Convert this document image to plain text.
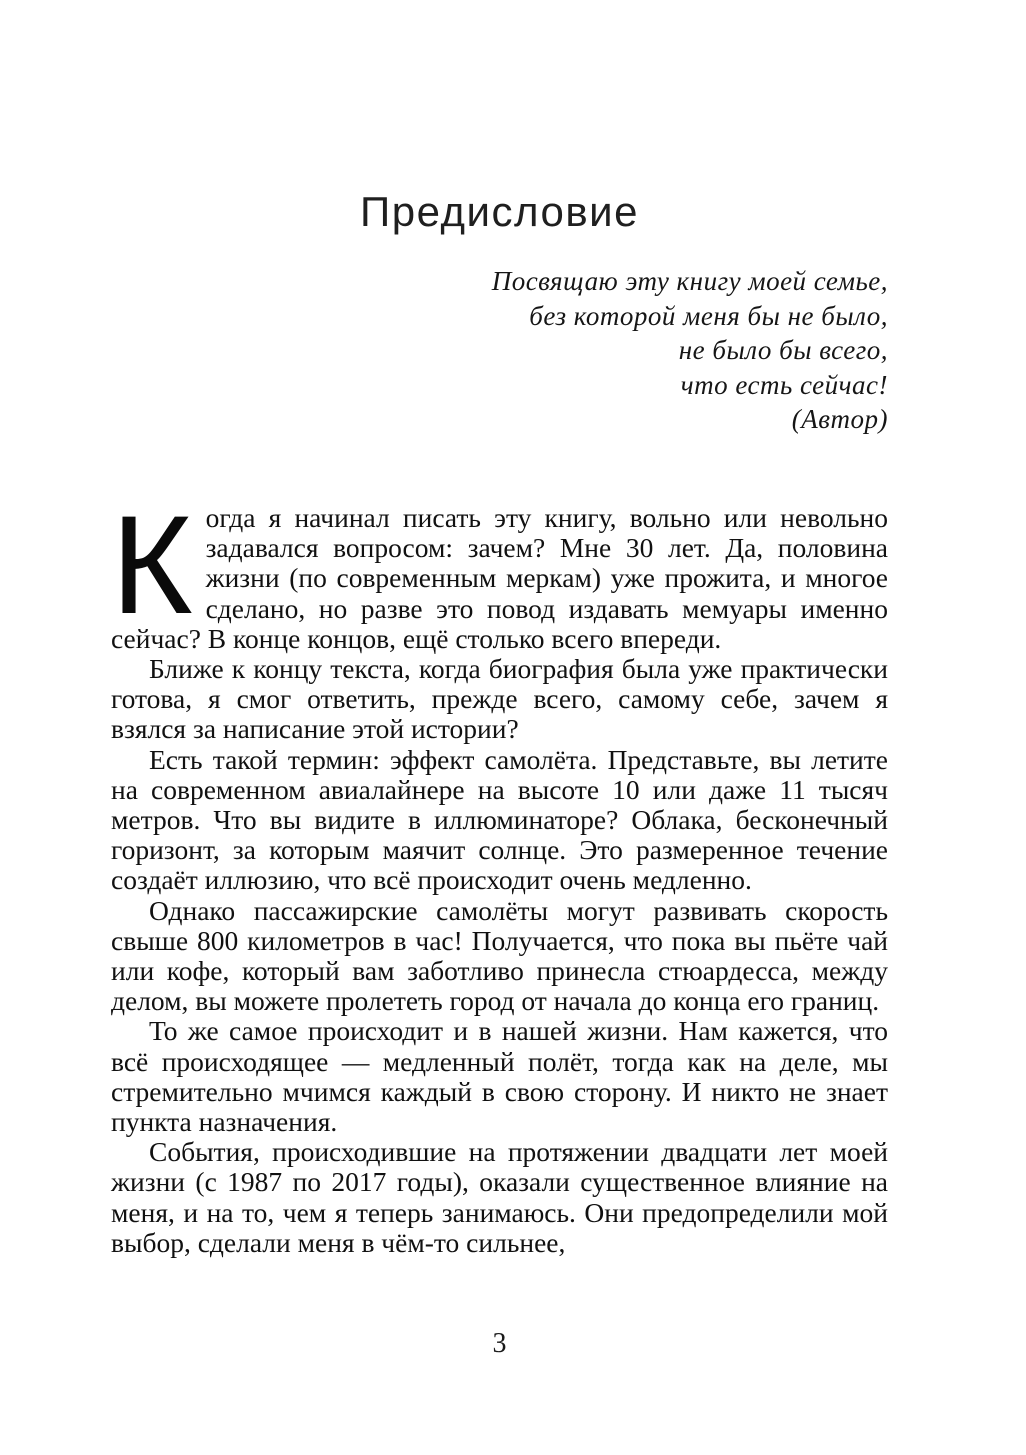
Предисловие
Посвящаю эту книгу моей семье,
без которой меня бы не было,
не было бы всего,
что есть сейчас!
(Автор)

Когда я начинал писать эту книгу, вольно или невольно задавался вопросом: зачем? Мне 30 лет. Да, половина жизни (по современным меркам) уже прожита, и многое сделано, но разве это повод издавать мемуары именно сейчас? В конце концов, ещё столько всего впереди.

Ближе к концу текста, когда биография была уже практически готова, я смог ответить, прежде всего, самому себе, зачем я взялся за написание этой истории?

Есть такой термин: эффект самолёта. Представьте, вы летите на современном авиалайнере на высоте 10 или даже 11 тысяч метров. Что вы видите в иллюминаторе? Облака, бесконечный горизонт, за которым маячит солнце. Это размеренное течение создаёт иллюзию, что всё происходит очень медленно.

Однако пассажирские самолёты могут развивать скорость свыше 800 километров в час! Получается, что пока вы пьёте чай или кофе, который вам заботливо принесла стюардесса, между делом, вы можете пролететь город от начала до конца его границ.

То же самое происходит и в нашей жизни. Нам кажется, что всё происходящее — медленный полёт, тогда как на деле, мы стремительно мчимся каждый в свою сторону. И никто не знает пункта назначения.

События, происходившие на протяжении двадцати лет моей жизни (с 1987 по 2017 годы), оказали существенное влияние на меня, и на то, чем я теперь занимаюсь. Они предопределили мой выбор, сделали меня в чём-то сильнее,

3
